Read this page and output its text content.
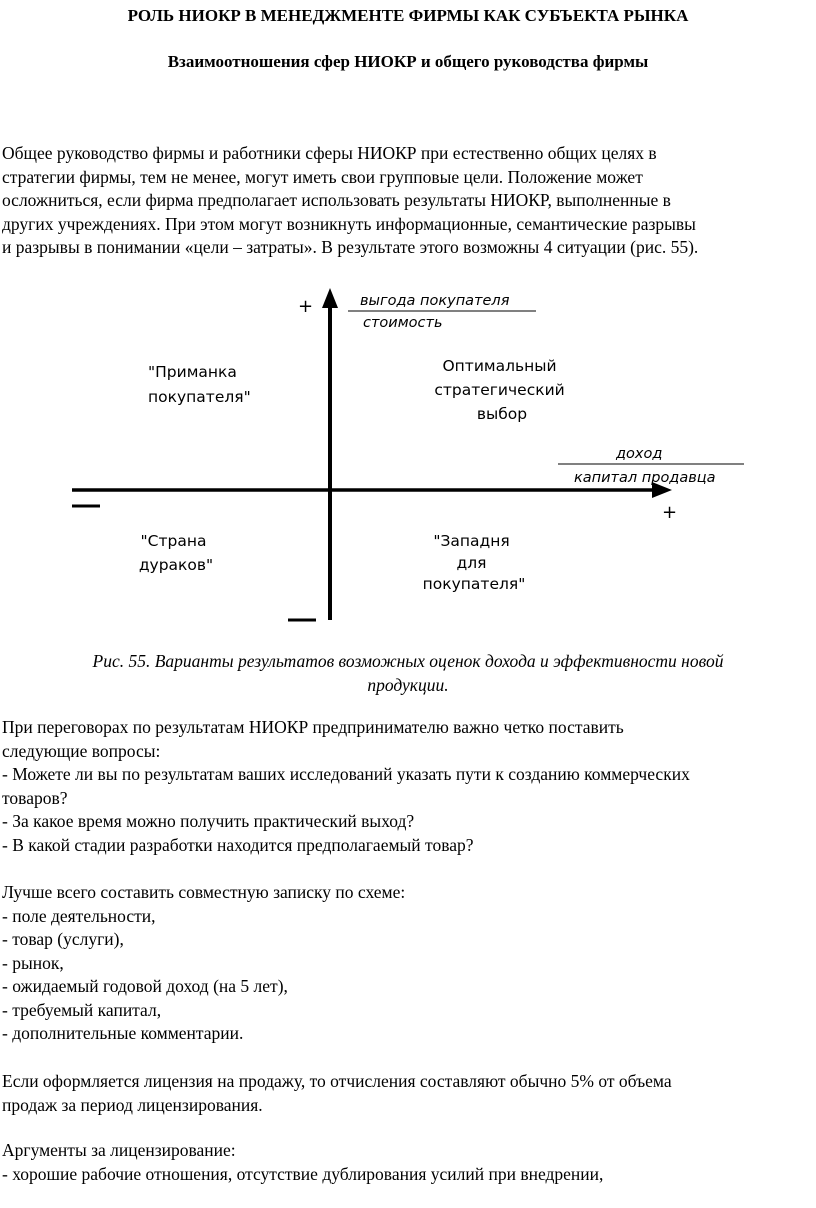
РОЛЬ НИОКР В МЕНЕДЖМЕНТЕ ФИРМЫ КАК СУБЪЕКТА РЫНКА
Взаимоотношения сфер НИОКР и общего руководства фирмы
Общее руководство фирмы и работники сферы НИОКР при естественно общих целях в
стратегии фирмы, тем не менее, могут иметь свои групповые цели. Положение может
осложниться, если фирма предполагает использовать результаты НИОКР, выполненные в
других учреждениях. При этом могут возникнуть информационные, семантические разрывы
и разрывы в понимании «цели – затраты». В результате этого возможны 4 ситуации (рис. 55).
+
+
выгода покупателя
стоимость
доход
капитал продавца
"Приманка покупателя"
Оптимальный стратегический выбор
"Страна дураков"
"Западня для покупателя"
Рис. 55. Варианты результатов возможных оценок дохода и эффективности новой
продукции.
При переговорах по результатам НИОКР предпринимателю важно четко поставить
следующие вопросы:
- Можете ли вы по результатам ваших исследований указать пути к созданию коммерческих
товаров?
- За какое время можно получить практический выход?
- В какой стадии разработки находится предполагаемый товар?
Лучше всего составить совместную записку по схеме:
- поле деятельности,
- товар (услуги),
- рынок,
- ожидаемый годовой доход (на 5 лет),
- требуемый капитал,
- дополнительные комментарии.
Если оформляется лицензия на продажу, то отчисления составляют обычно 5% от объема
продаж за период лицензирования.
Аргументы за лицензирование:
- хорошие рабочие отношения, отсутствие дублирования усилий при внедрении,
